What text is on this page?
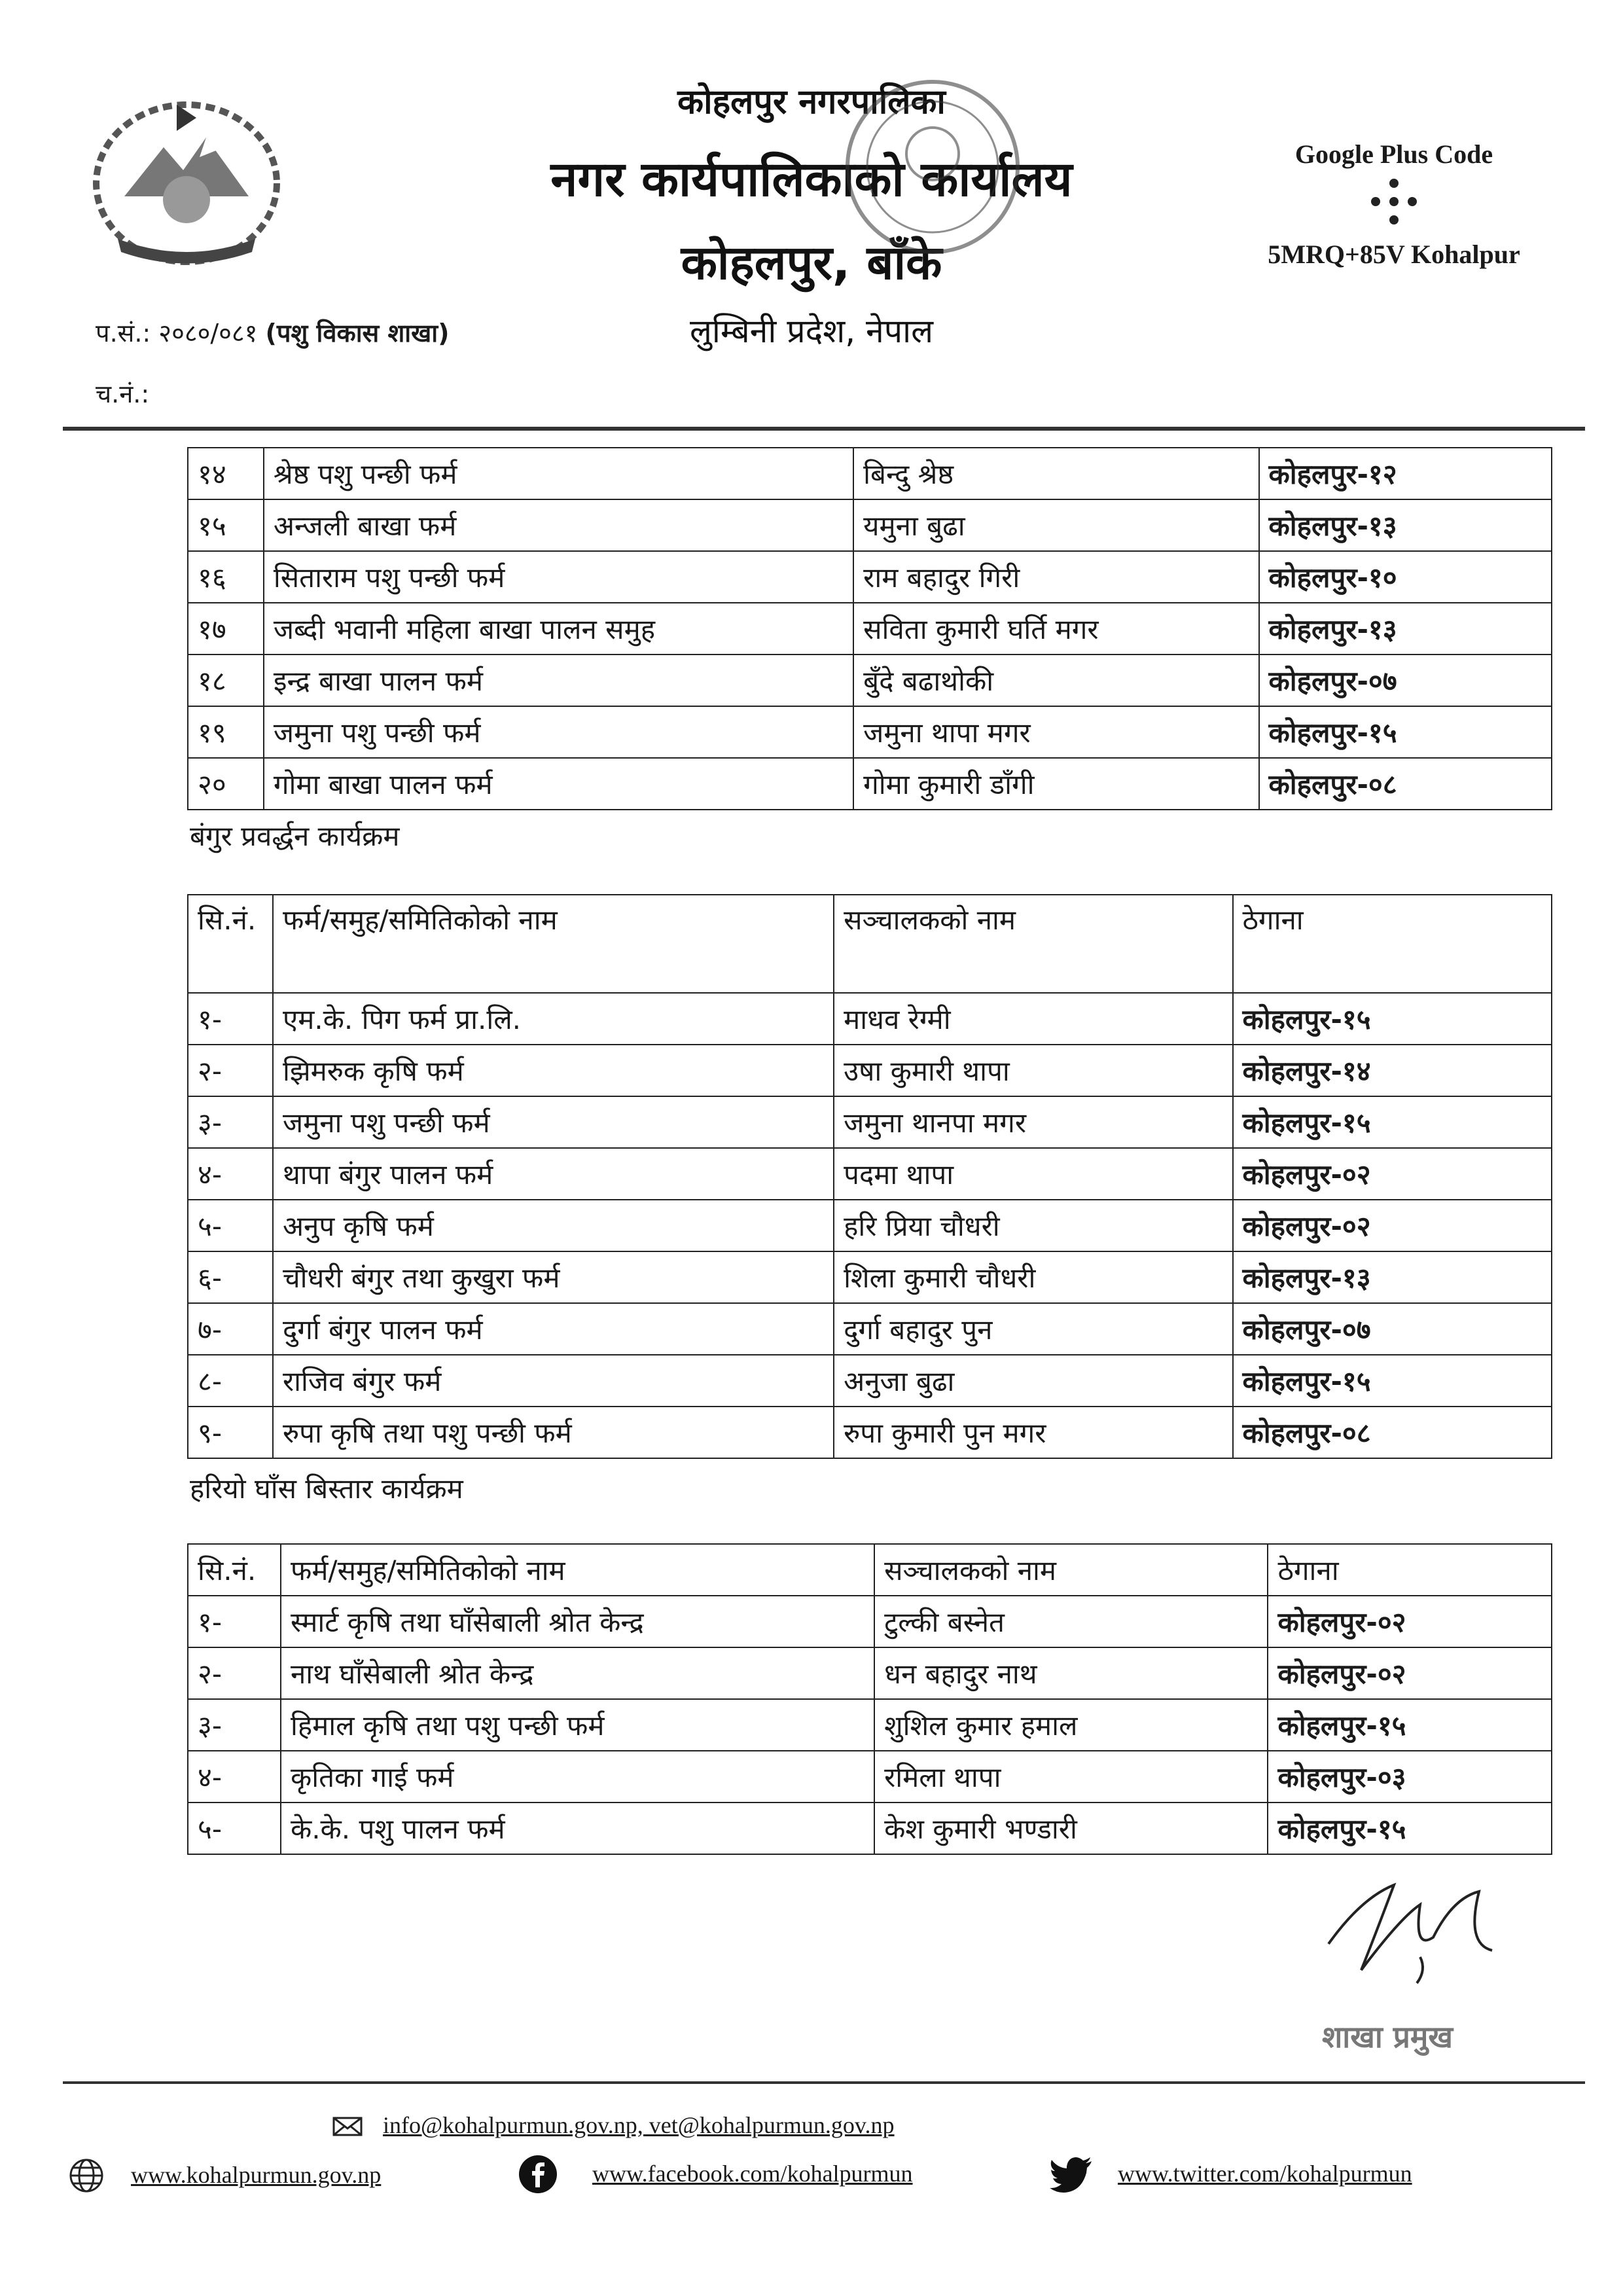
कोहलपुर नगरपालिका
नगर कार्यपालिकाको कार्यालय
कोहलपुर, बाँके
लुम्बिनी प्रदेश, नेपाल
Google Plus Code
5MRQ+85V Kohalpur
प.सं.: २०८०/०८१ (पशु विकास शाखा)
च.नं.:
१४	श्रेष्ठ पशु पन्छी फर्म	बिन्दु श्रेष्ठ	कोहलपुर-१२
१५	अन्जली बाखा फर्म	यमुना बुढा	कोहलपुर-१३
१६	सिताराम पशु पन्छी फर्म	राम बहादुर गिरी	कोहलपुर-१०
१७	जब्दी भवानी महिला बाखा पालन समुह	सविता कुमारी घर्ति मगर	कोहलपुर-१३
१८	इन्द्र बाखा पालन फर्म	बुँदे बढाथोकी	कोहलपुर-०७
१९	जमुना पशु पन्छी फर्म	जमुना थापा मगर	कोहलपुर-१५
२०	गोमा बाखा पालन फर्म	गोमा कुमारी डाँगी	कोहलपुर-०८
बंगुर प्रवर्द्धन कार्यक्रम
सि.नं.	फर्म/समुह/समितिकोको नाम	सञ्चालकको नाम	ठेगाना
१-	एम.के. पिग फर्म प्रा.लि.	माधव रेग्मी	कोहलपुर-१५
२-	झिमरुक कृषि फर्म	उषा कुमारी थापा	कोहलपुर-१४
३-	जमुना पशु पन्छी फर्म	जमुना थानपा मगर	कोहलपुर-१५
४-	थापा बंगुर पालन फर्म	पदमा थापा	कोहलपुर-०२
५-	अनुप कृषि फर्म	हरि प्रिया चौधरी	कोहलपुर-०२
६-	चौधरी बंगुर तथा कुखुरा फर्म	शिला कुमारी चौधरी	कोहलपुर-१३
७-	दुर्गा बंगुर पालन फर्म	दुर्गा बहादुर पुन	कोहलपुर-०७
८-	राजिव बंगुर फर्म	अनुजा बुढा	कोहलपुर-१५
९-	रुपा कृषि तथा पशु पन्छी फर्म	रुपा कुमारी पुन मगर	कोहलपुर-०८
हरियो घाँस बिस्तार कार्यक्रम
सि.नं.	फर्म/समुह/समितिकोको नाम	सञ्चालकको नाम	ठेगाना
१-	स्मार्ट कृषि तथा घाँसेबाली श्रोत केन्द्र	टुल्की बस्नेत	कोहलपुर-०२
२-	नाथ घाँसेबाली श्रोत केन्द्र	धन बहादुर नाथ	कोहलपुर-०२
३-	हिमाल कृषि तथा पशु पन्छी फर्म	शुशिल कुमार हमाल	कोहलपुर-१५
४-	कृतिका गाई फर्म	रमिला थापा	कोहलपुर-०३
५-	के.के. पशु पालन फर्म	केश कुमारी भण्डारी	कोहलपुर-१५
शाखा प्रमुख
info@kohalpurmun.gov.np, vet@kohalpurmun.gov.np
www.kohalpurmun.gov.np	www.facebook.com/kohalpurmun	www.twitter.com/kohalpurmun
